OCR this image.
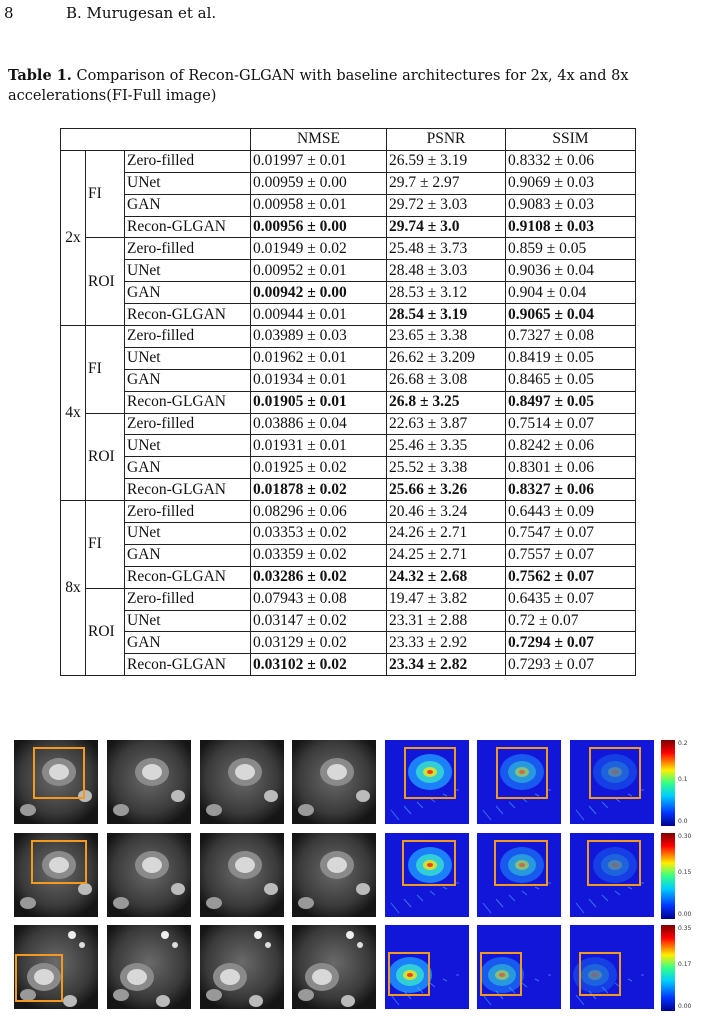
8	B. Murugesan et al.
Table 1. Comparison of Recon-GLGAN with baseline architectures for 2x, 4x and 8x accelerations(FI-Full image)
			NMSE	PSNR	SSIM
2x	FI	Zero-filled	0.01997 ± 0.01	26.59 ± 3.19	0.8332 ± 0.06
		UNet	0.00959 ± 0.00	29.7 ± 2.97	0.9069 ± 0.03
		GAN	0.00958 ± 0.01	29.72 ± 3.03	0.9083 ± 0.03
		Recon-GLGAN	0.00956 ± 0.00	29.74 ± 3.0	0.9108 ± 0.03
	ROI	Zero-filled	0.01949 ± 0.02	25.48 ± 3.73	0.859 ± 0.05
		UNet	0.00952 ± 0.01	28.48 ± 3.03	0.9036 ± 0.04
		GAN	0.00942 ± 0.00	28.53 ± 3.12	0.904 ± 0.04
		Recon-GLGAN	0.00944 ± 0.01	28.54 ± 3.19	0.9065 ± 0.04
4x	FI	Zero-filled	0.03989 ± 0.03	23.65 ± 3.38	0.7327 ± 0.08
		UNet	0.01962 ± 0.01	26.62 ± 3.209	0.8419 ± 0.05
		GAN	0.01934 ± 0.01	26.68 ± 3.08	0.8465 ± 0.05
		Recon-GLGAN	0.01905 ± 0.01	26.8 ± 3.25	0.8497 ± 0.05
	ROI	Zero-filled	0.03886 ± 0.04	22.63 ± 3.87	0.7514 ± 0.07
		UNet	0.01931 ± 0.01	25.46 ± 3.35	0.8242 ± 0.06
		GAN	0.01925 ± 0.02	25.52 ± 3.38	0.8301 ± 0.06
		Recon-GLGAN	0.01878 ± 0.02	25.66 ± 3.26	0.8327 ± 0.06
8x	FI	Zero-filled	0.08296 ± 0.06	20.46 ± 3.24	0.6443 ± 0.09
		UNet	0.03353 ± 0.02	24.26 ± 2.71	0.7547 ± 0.07
		GAN	0.03359 ± 0.02	24.25 ± 2.71	0.7557 ± 0.07
		Recon-GLGAN	0.03286 ± 0.02	24.32 ± 2.68	0.7562 ± 0.07
	ROI	Zero-filled	0.07943 ± 0.08	19.47 ± 3.82	0.6435 ± 0.07
		UNet	0.03147 ± 0.02	23.31 ± 2.88	0.72 ± 0.07
		GAN	0.03129 ± 0.02	23.33 ± 2.92	0.7294 ± 0.07
		Recon-GLGAN	0.03102 ± 0.02	23.34 ± 2.82	0.7293 ± 0.07
0.2
0.1
0.0
0.30
0.15
0.00
0.35
0.17
0.00
